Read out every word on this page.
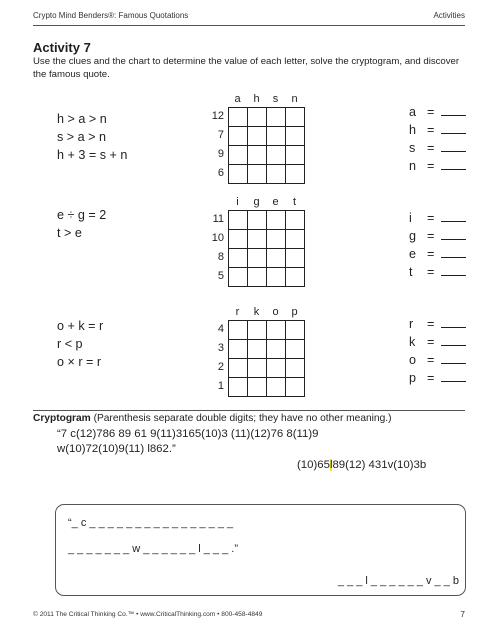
Crypto Mind Benders®: Famous Quotations	Activities
Activity 7
Use the clues and the chart to determine the value of each letter, solve the cryptogram, and discover the famous quote.
h > a > n
s > a > n
h + 3 = s + n
a	h	s	n
12
7
9
6
a =
h =
s =
n =
e ÷ g = 2
t > e
i	g	e	t
11
10
8
5
i	=
g =
e =
t	=
o + k = r
r < p
o × r = r
r	k	o	p
4
3
2
1
r	=
k =
o =
p =
Cryptogram (Parenthesis separate double digits; they have no other meaning.)
“7 c(12)786 89 61 9(11)3165(10)3 (11)(12)76 8(11)9
w(10)72(10)9(11) l862.”
(10)65l89(12) 431v(10)3b
“_ c _ _ _ _ _ _ _ _ _ _ _ _ _ _ _ _
_ _ _ _ _ _ _ w _ _ _ _ _ _ l _ _ _ .”
_ _ _ l _ _ _ _ _ _ v _ _ b
© 2011 The Critical Thinking Co.™ • www.CriticalThinking.com • 800-458-4849	7
